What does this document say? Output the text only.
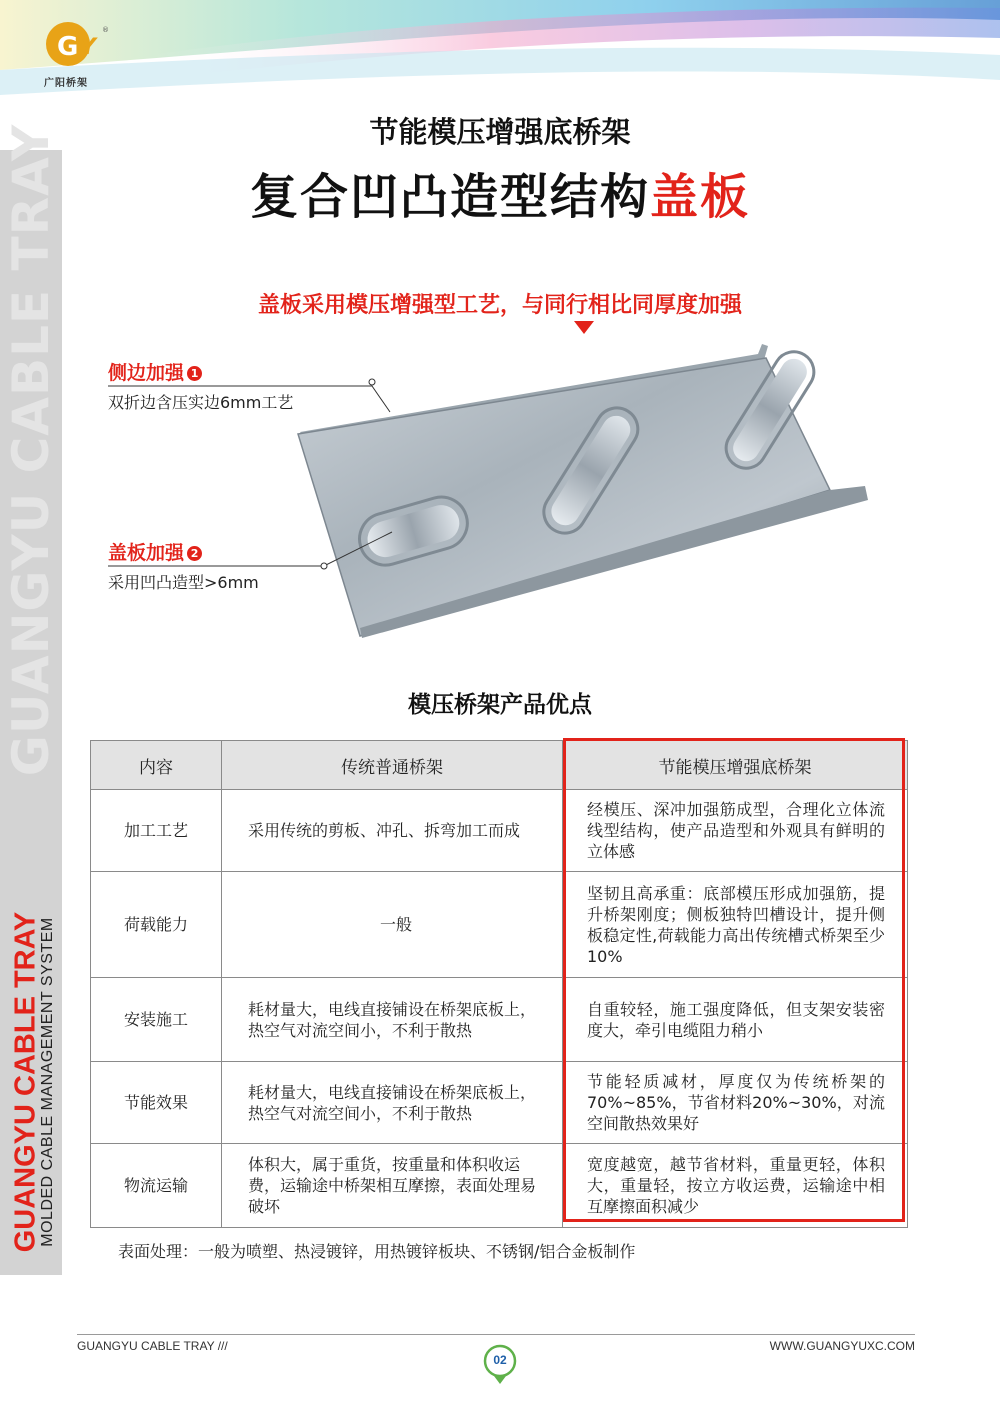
G Y
®
广阳桥架
GUANGYU CABLE TRAY
GUANGYU CABLE TRAY
MOLDED CABLE MANAGEMENT SYSTEM
节能模压增强底桥架
复合凹凸造型结构盖板
盖板采用模压增强型工艺，与同行相比同厚度加强
侧边加强 1
双折边含压实边6mm工艺
盖板加强 2
采用凹凸造型>6mm
模压桥架产品优点
内容	传统普通桥架	节能模压增强底桥架
加工工艺	采用传统的剪板、冲孔、拆弯加工而成	经模压、深冲加强筋成型，合理化立体流线型结构，使产品造型和外观具有鲜明的立体感
荷载能力	一般	坚韧且高承重：底部模压形成加强筋，提升桥架刚度；侧板独特凹槽设计，提升侧板稳定性,荷载能力高出传统槽式桥架至少10%
安装施工	耗材量大，电线直接铺设在桥架底板上，热空气对流空间小，不利于散热	自重较轻，施工强度降低，但支架安装密度大，牵引电缆阻力稍小
节能效果	耗材量大，电线直接铺设在桥架底板上，热空气对流空间小，不利于散热	节能轻质减材，厚度仅为传统桥架的70%~85%，节省材料20%~30%，对流空间散热效果好
物流运输	体积大，属于重货，按重量和体积收运费，运输途中桥架相互摩擦，表面处理易破坏	宽度越宽，越节省材料，重量更轻，体积大，重量轻，按立方收运费，运输途中相互摩擦面积减少
表面处理：一般为喷塑、热浸镀锌，用热镀锌板块、不锈钢/铝合金板制作
GUANGYU CABLE TRAY ///	WWW.GUANGYUXC.COM
02
